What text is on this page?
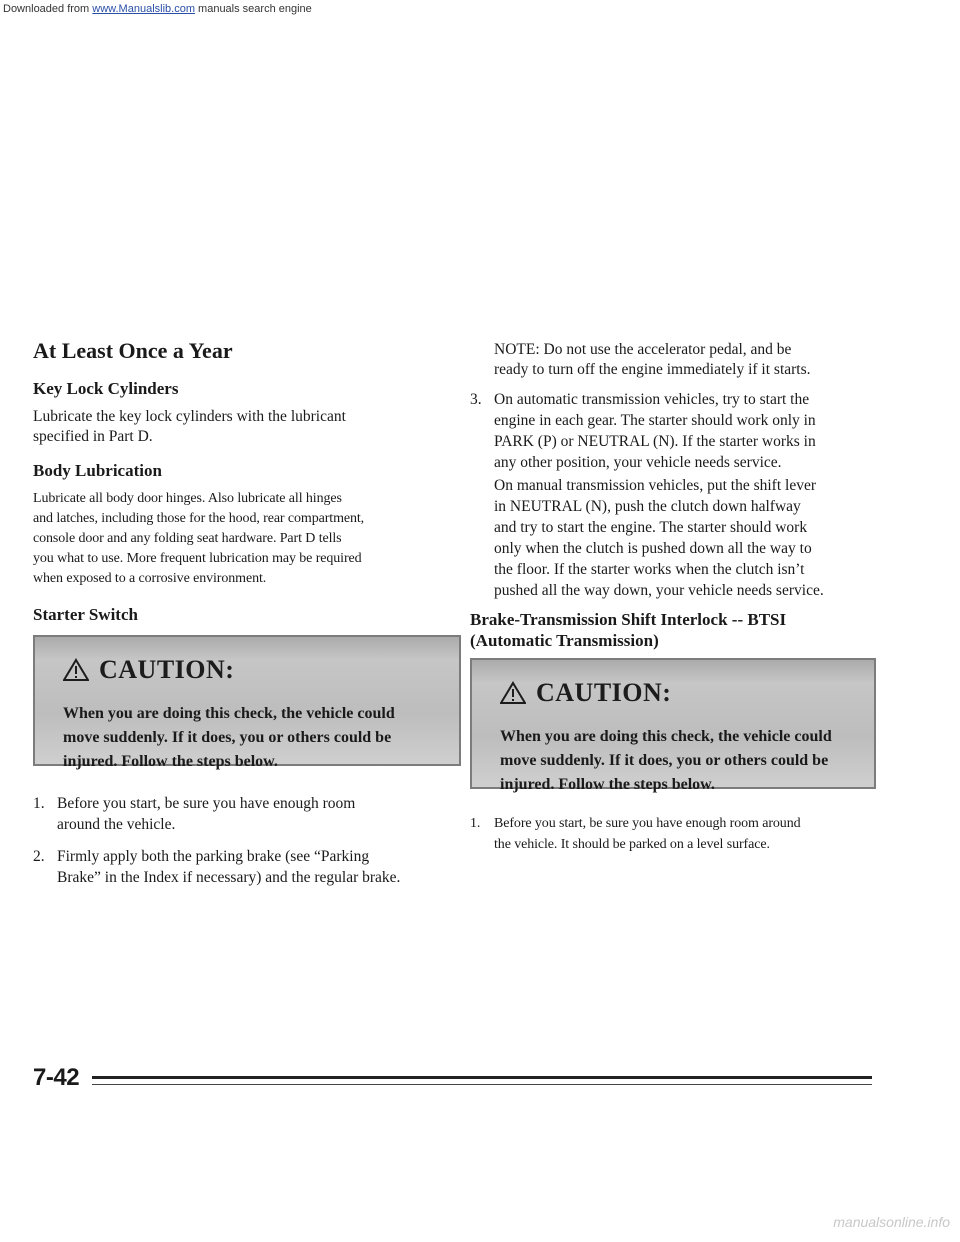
Downloaded from www.Manualslib.com manuals search engine
At Least Once a Year
Key Lock Cylinders

Lubricate the key lock cylinders with the lubricant

specified in Part D.

Body Lubrication

Lubricate all body door hinges. Also lubricate all hinges

and latches, including those for the hood, rear compartment,

console door and any folding seat hardware. Part D tells

you what to use. More frequent lubrication may be required

when exposed to a corrosive environment.

Starter Switch
CAUTION:
When you are doing this check, the vehicle could
move suddenly. If it does, you or others could be
injured. Follow the steps below.
1. Before you start, be sure you have enough room
around the vehicle.
2. Firmly apply both the parking brake (see “Parking
Brake” in the Index if necessary) and the regular brake.

NOTE: Do not use the accelerator pedal, and be

ready to turn off the engine immediately if it starts.

3. On automatic transmission vehicles, try to start the
engine in each gear. The starter should work only in
PARK (P) or NEUTRAL (N). If the starter works in
any other position, your vehicle needs service.
On manual transmission vehicles, put the shift lever
in NEUTRAL (N), push the clutch down halfway
and try to start the engine. The starter should work
only when the clutch is pushed down all the way to
the floor. If the starter works when the clutch isn’t
pushed all the way down, your vehicle needs service.
Brake-Transmission Shift Interlock -- BTSI
(Automatic Transmission)
CAUTION:
When you are doing this check, the vehicle could
move suddenly. If it does, you or others could be
injured. Follow the steps below.
1. Before you start, be sure you have enough room around
the vehicle. It should be parked on a level surface.
7-42
manualsonline.info
